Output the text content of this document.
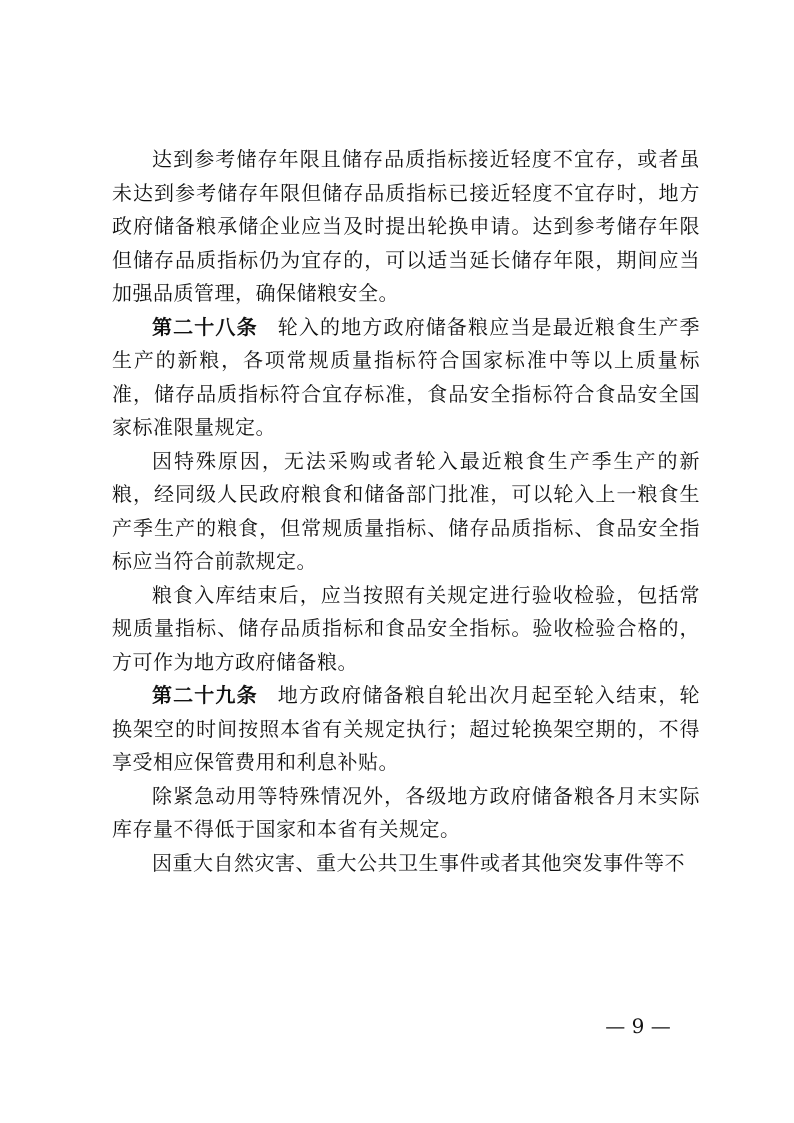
达到参考储存年限且储存品质指标接近轻度不宜存，或者虽未达到参考储存年限但储存品质指标已接近轻度不宜存时，地方政府储备粮承储企业应当及时提出轮换申请。达到参考储存年限但储存品质指标仍为宜存的，可以适当延长储存年限，期间应当加强品质管理，确保储粮安全。

第二十八条 轮入的地方政府储备粮应当是最近粮食生产季生产的新粮，各项常规质量指标符合国家标准中等以上质量标准，储存品质指标符合宜存标准，食品安全指标符合食品安全国家标准限量规定。

因特殊原因，无法采购或者轮入最近粮食生产季生产的新粮，经同级人民政府粮食和储备部门批准，可以轮入上一粮食生产季生产的粮食，但常规质量指标、储存品质指标、食品安全指标应当符合前款规定。

粮食入库结束后，应当按照有关规定进行验收检验，包括常规质量指标、储存品质指标和食品安全指标。验收检验合格的，方可作为地方政府储备粮。

第二十九条 地方政府储备粮自轮出次月起至轮入结束，轮换架空的时间按照本省有关规定执行；超过轮换架空期的，不得享受相应保管费用和利息补贴。

除紧急动用等特殊情况外，各级地方政府储备粮各月末实际库存量不得低于国家和本省有关规定。

因重大自然灾害、重大公共卫生事件或者其他突发事件等不

— 9 —
